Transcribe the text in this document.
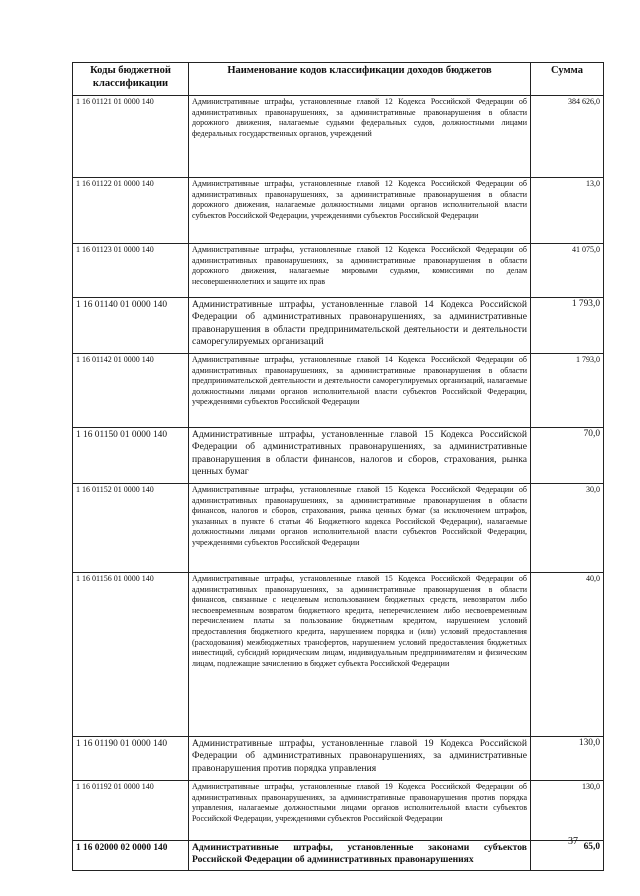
Коды бюджетной классификации	Наименование кодов классификации доходов бюджетов	Сумма
1 16 01121 01 0000 140	Административные штрафы, установленные главой 12 Кодекса Российской Федерации об административных правонарушениях, за административные правонарушения в области дорожного движения, налагаемые судьями федеральных судов, должностными лицами федеральных государственных органов, учреждений	384 626,0
1 16 01122 01 0000 140	Административные штрафы, установленные главой 12 Кодекса Российской Федерации об административных правонарушениях, за административные правонарушения в области дорожного движения, налагаемые должностными лицами органов исполнительной власти субъектов Российской Федерации, учреждениями субъектов Российской Федерации	13,0
1 16 01123 01 0000 140	Административные штрафы, установленные главой 12 Кодекса Российской Федерации об административных правонарушениях, за административные правонарушения в области дорожного движения, налагаемые мировыми судьями, комиссиями по делам несовершеннолетних и защите их прав	41 075,0
1 16 01140 01 0000 140	Административные штрафы, установленные главой 14 Кодекса Российской Федерации об административных правонарушениях, за административные правонарушения в области предпринимательской деятельности и деятельности саморегулируемых организаций	1 793,0
1 16 01142 01 0000 140	Административные штрафы, установленные главой 14 Кодекса Российской Федерации об административных правонарушениях, за административные правонарушения в области предпринимательской деятельности и деятельности саморегулируемых организаций, налагаемые должностными лицами органов исполнительной власти субъектов Российской Федерации, учреждениями субъектов Российской Федерации	1 793,0
1 16 01150 01 0000 140	Административные штрафы, установленные главой 15 Кодекса Российской Федерации об административных правонарушениях, за административные правонарушения в области финансов, налогов и сборов, страхования, рынка ценных бумаг	70,0
1 16 01152 01 0000 140	Административные штрафы, установленные главой 15 Кодекса Российской Федерации об административных правонарушениях, за административные правонарушения в области финансов, налогов и сборов, страхования, рынка ценных бумаг (за исключением штрафов, указанных в пункте 6 статьи 46 Бюджетного кодекса Российской Федерации), налагаемые должностными лицами органов исполнительной власти субъектов Российской Федерации, учреждениями субъектов Российской Федерации	30,0
1 16 01156 01 0000 140	Административные штрафы, установленные главой 15 Кодекса Российской Федерации об административных правонарушениях, за административные правонарушения в области финансов, связанные с нецелевым использованием бюджетных средств, невозвратом либо несвоевременным возвратом бюджетного кредита, неперечислением либо несвоевременным перечислением платы за пользование бюджетным кредитом, нарушением условий предоставления бюджетного кредита, нарушением порядка и (или) условий предоставления (расходования) межбюджетных трансфертов, нарушением условий предоставления бюджетных инвестиций, субсидий юридическим лицам, индивидуальным предпринимателям и физическим лицам, подлежащие зачислению в бюджет субъекта Российской Федерации	40,0
1 16 01190 01 0000 140	Административные штрафы, установленные главой 19 Кодекса Российской Федерации об административных правонарушениях, за административные правонарушения против порядка управления	130,0
1 16 01192 01 0000 140	Административные штрафы, установленные главой 19 Кодекса Российской Федерации об административных правонарушениях, за административные правонарушения против порядка управления, налагаемые должностными лицами органов исполнительной власти субъектов Российской Федерации, учреждениями субъектов Российской Федерации	130,0
1 16 02000 02 0000 140	Административные штрафы, установленные законами субъектов Российской Федерации об административных правонарушениях	65,0
37
